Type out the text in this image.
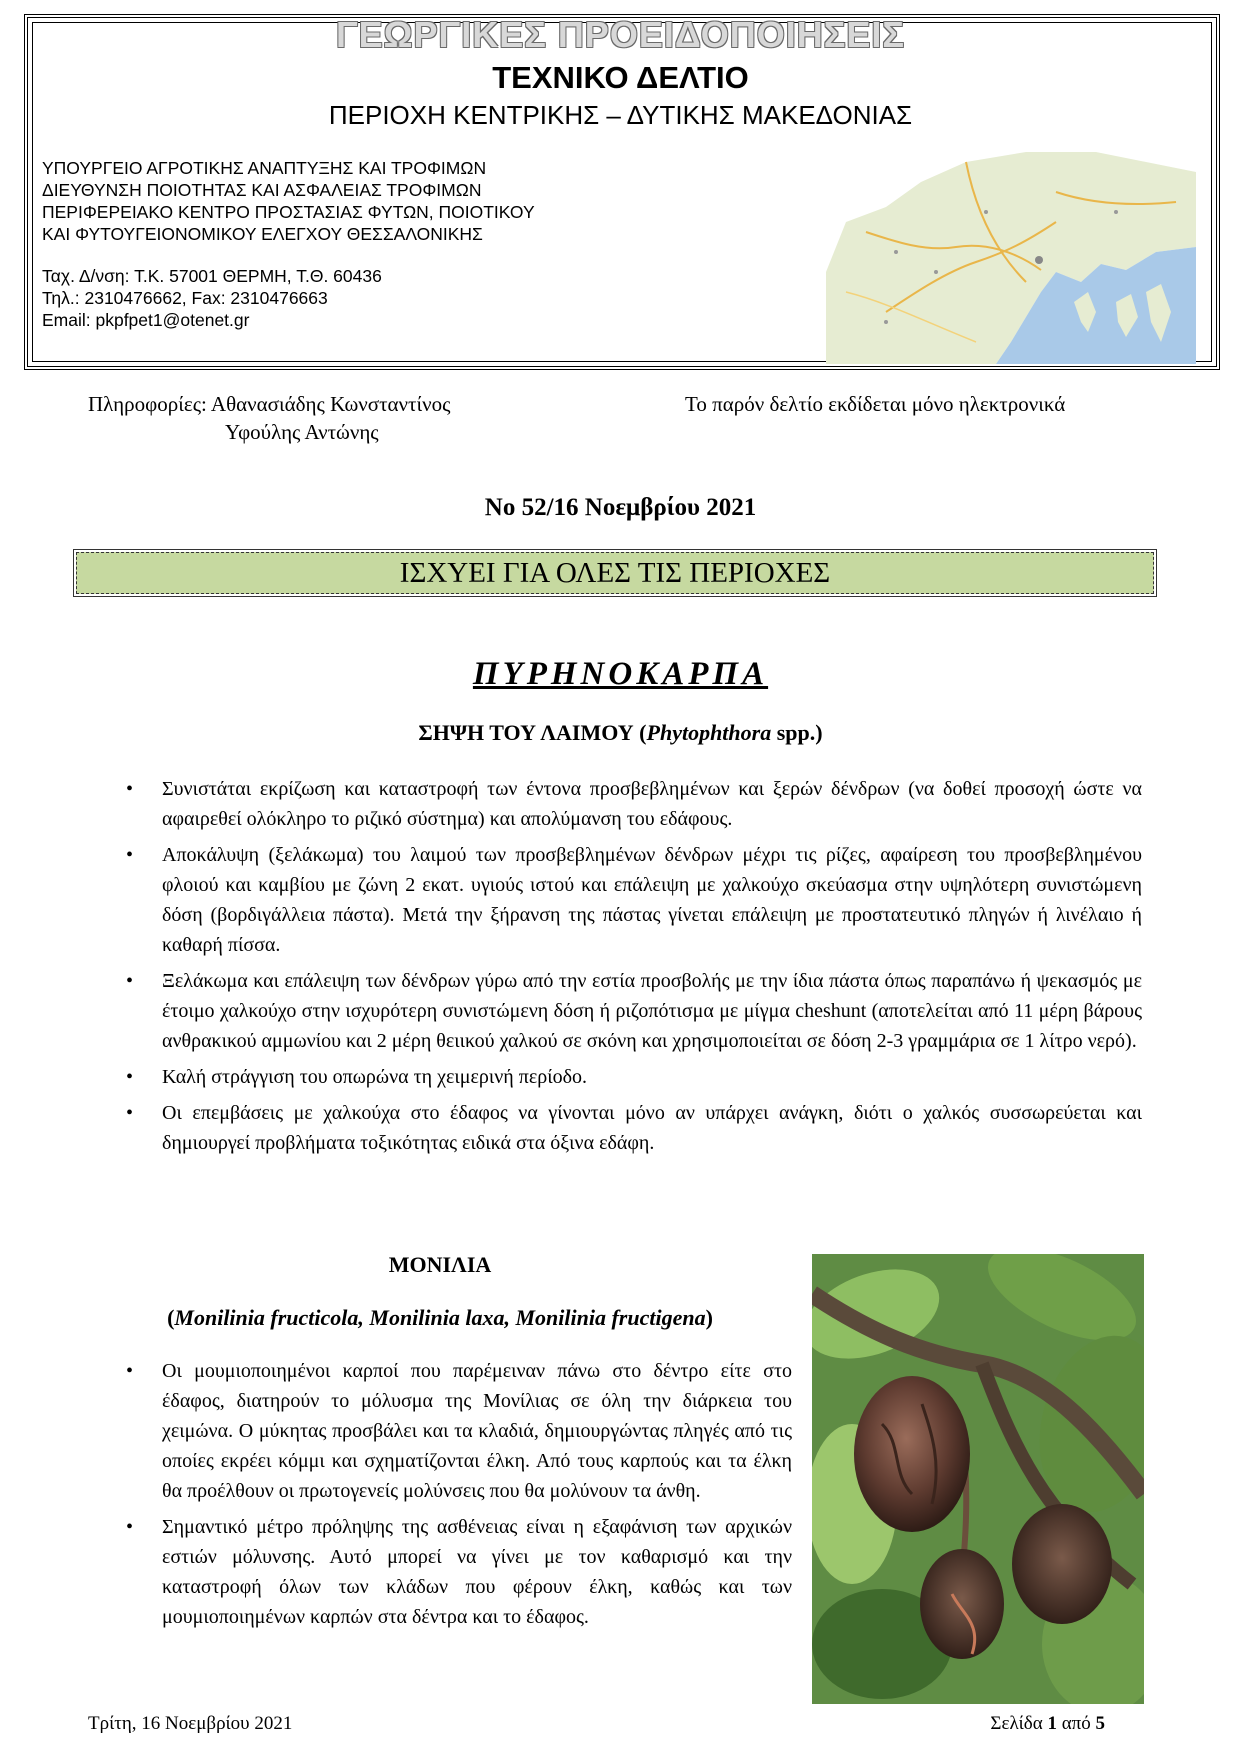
ΓΕΩΡΓΙΚΕΣ ΠΡΟΕΙΔΟΠΟΙΗΣΕΙΣ
ΤΕΧΝΙΚΟ ΔΕΛΤΙΟ
ΠΕΡΙΟΧΗ ΚΕΝΤΡΙΚΗΣ – ΔΥΤΙΚΗΣ ΜΑΚΕΔΟΝΙΑΣ
ΥΠΟΥΡΓΕΙΟ ΑΓΡΟΤΙΚΗΣ ΑΝΑΠΤΥΞΗΣ ΚΑΙ ΤΡΟΦΙΜΩΝ
ΔΙΕΥΘΥΝΣΗ ΠΟΙΟΤΗΤΑΣ ΚΑΙ ΑΣΦΑΛΕΙΑΣ ΤΡΟΦΙΜΩΝ
ΠΕΡΙΦΕΡΕΙΑΚΟ ΚΕΝΤΡΟ ΠΡΟΣΤΑΣΙΑΣ ΦΥΤΩΝ, ΠΟΙΟΤΙΚΟΥ
ΚΑΙ ΦΥΤΟΥΓΕΙΟΝΟΜΙΚΟΥ ΕΛΕΓΧΟΥ ΘΕΣΣΑΛΟΝΙΚΗΣ
Ταχ. Δ/νση: Τ.Κ. 57001 ΘΕΡΜΗ, Τ.Θ. 60436
Τηλ.: 2310476662, Fax: 2310476663
Email: pkpfpet1@otenet.gr
Πληροφορίες: Αθανασιάδης Κωνσταντίνος
Υφούλης Αντώνης
Το παρόν δελτίο εκδίδεται μόνο ηλεκτρονικά
Νο 52/16 Νοεμβρίου 2021
ΙΣΧΥΕΙ ΓΙΑ ΟΛΕΣ ΤΙΣ ΠΕΡΙΟΧΕΣ
ΠΥΡΗΝΟΚΑΡΠΑ
ΣΗΨΗ ΤΟΥ ΛΑΙΜΟΥ (Phytophthora spp.)
• Συνιστάται εκρίζωση και καταστροφή των έντονα προσβεβλημένων και ξερών δένδρων (να δοθεί προσοχή ώστε να αφαιρεθεί ολόκληρο το ριζικό σύστημα) και απολύμανση του εδάφους.
• Αποκάλυψη (ξελάκωμα) του λαιμού των προσβεβλημένων δένδρων μέχρι τις ρίζες, αφαίρεση του προσβεβλημένου φλοιού και καμβίου με ζώνη 2 εκατ. υγιούς ιστού και επάλειψη με χαλκούχο σκεύασμα στην υψηλότερη συνιστώμενη δόση (βορδιγάλλεια πάστα). Μετά την ξήρανση της πάστας γίνεται επάλειψη με προστατευτικό πληγών ή λινέλαιο ή καθαρή πίσσα.
• Ξελάκωμα και επάλειψη των δένδρων γύρω από την εστία προσβολής με την ίδια πάστα όπως παραπάνω ή ψεκασμός με έτοιμο χαλκούχο στην ισχυρότερη συνιστώμενη δόση ή ριζοπότισμα με μίγμα cheshunt (αποτελείται από 11 μέρη βάρους ανθρακικού αμμωνίου και 2 μέρη θειικού χαλκού σε σκόνη και χρησιμοποιείται σε δόση 2-3 γραμμάρια σε 1 λίτρο νερό).
• Καλή στράγγιση του οπωρώνα τη χειμερινή περίοδο.
• Οι επεμβάσεις με χαλκούχα στο έδαφος να γίνονται μόνο αν υπάρχει ανάγκη, διότι ο χαλκός συσσωρεύεται και δημιουργεί προβλήματα τοξικότητας ειδικά στα όξινα εδάφη.
ΜΟΝΙΛΙΑ
(Monilinia fructicola, Monilinia laxa, Monilinia fructigena)
• Οι μουμιοποιημένοι καρποί που παρέμειναν πάνω στο δέντρο είτε στο έδαφος, διατηρούν το μόλυσμα της Μονίλιας σε όλη την διάρκεια του χειμώνα. Ο μύκητας προσβάλει και τα κλαδιά, δημιουργώντας πληγές από τις οποίες εκρέει κόμμι και σχηματίζονται έλκη. Από τους καρπούς και τα έλκη θα προέλθουν οι πρωτογενείς μολύνσεις που θα μολύνουν τα άνθη.
• Σημαντικό μέτρο πρόληψης της ασθένειας είναι η εξαφάνιση των αρχικών εστιών μόλυνσης. Αυτό μπορεί να γίνει με τον καθαρισμό και την καταστροφή όλων των κλάδων που φέρουν έλκη, καθώς και των μουμιοποιημένων καρπών στα δέντρα και το έδαφος.
Τρίτη, 16 Νοεμβρίου 2021	Σελίδα 1 από 5
